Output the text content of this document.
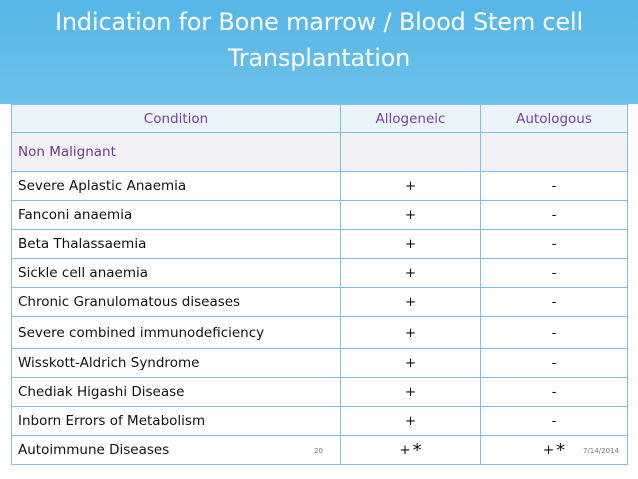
Indication for Bone marrow / Blood Stem cell
Transplantation
Condition	Allogeneic	Autologous
Non Malignant		
Severe Aplastic Anaemia	+	-
Fanconi anaemia	+	-
Beta Thalassaemia	+	-
Sickle cell anaemia	+	-
Chronic Granulomatous diseases	+	-
Severe combined immunodeficiency	+	-
Wisskott-Aldrich Syndrome	+	-
Chediak Higashi Disease	+	-
Inborn Errors of Metabolism	+	-
Autoimmune Diseases	+ *	+ *
20	7/14/2014
